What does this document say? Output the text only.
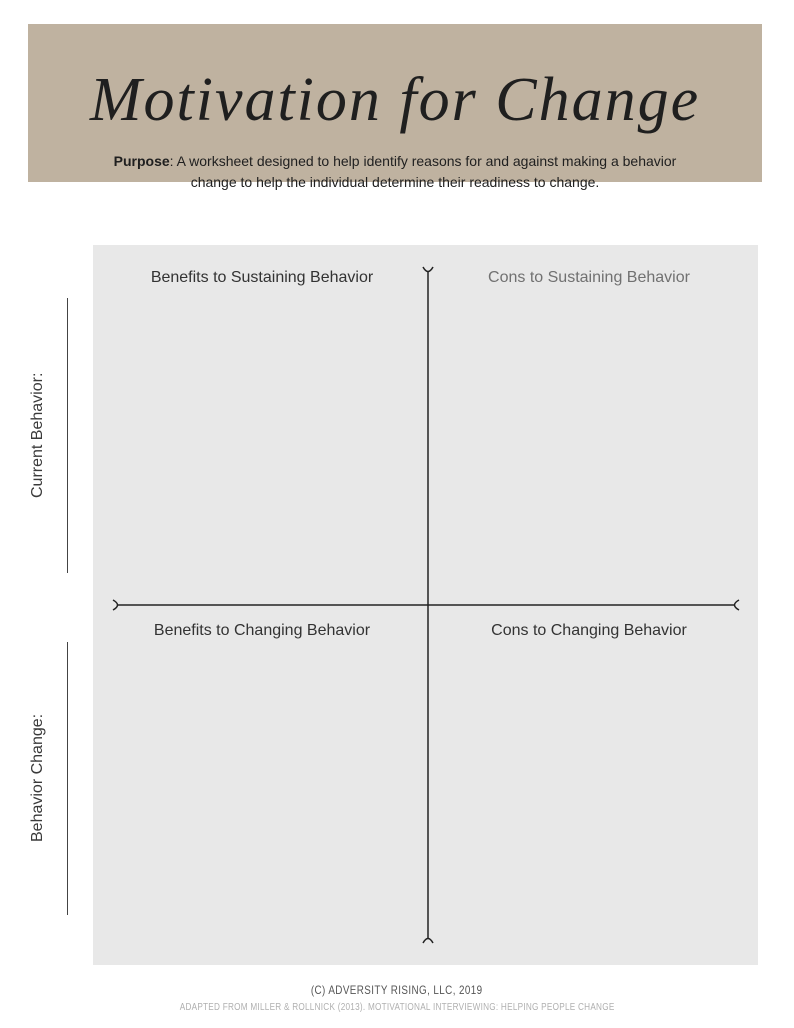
Motivation for Change
Purpose: A worksheet designed to help identify reasons for and against making a behavior
change to help the individual determine their readiness to change.
Current Behavior:
Behavior Change:
Benefits to Sustaining Behavior	Cons to Sustaining Behavior
Benefits to Changing Behavior	Cons to Changing Behavior
(C) ADVERSITY RISING, LLC, 2019
ADAPTED FROM MILLER & ROLLNICK (2013). MOTIVATIONAL INTERVIEWING: HELPING PEOPLE CHANGE
